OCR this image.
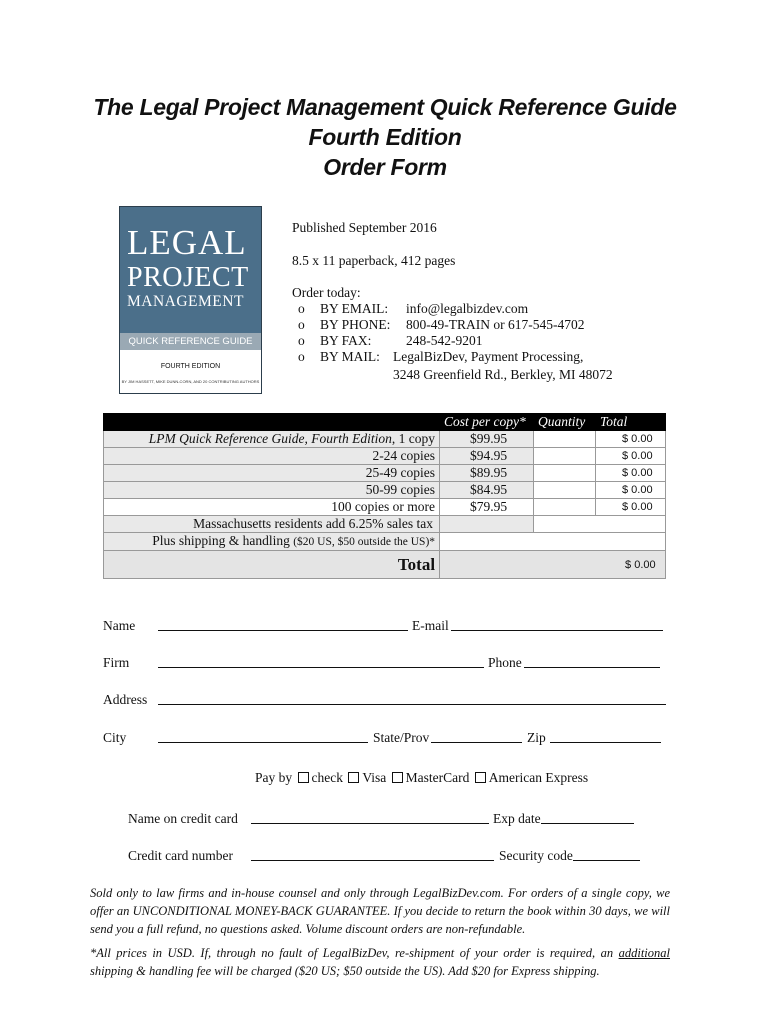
The Legal Project Management Quick Reference Guide
Fourth Edition
Order Form
LEGAL
PROJECT
MANAGEMENT
QUICK REFERENCE GUIDE
FOURTH EDITION
BY JIM HASSETT, MIKE DUNN-CORN, AND 20 CONTRIBUTING AUTHORS
Published September 2016
8.5 x 11 paperback, 412 pages
Order today:
o BY EMAIL: info@legalbizdev.com
o BY PHONE: 800-49-TRAIN or 617-545-4702
o BY FAX:	248-542-9201
o BY MAIL: LegalBizDev, Payment Processing,
3248 Greenfield Rd., Berkley, MI 48072
	Cost per copy*	Quantity	Total
LPM Quick Reference Guide, Fourth Edition, 1 copy	$99.95		$ 0.00
2-24 copies	$94.95		$ 0.00
25-49 copies	$89.95		$ 0.00
50-99 copies	$84.95		$ 0.00
100 copies or more	$79.95		$ 0.00
Massachusetts residents add 6.25% sales tax			
Plus shipping & handling ($20 US, $50 outside the US)*			
Total	$ 0.00		
Name	E-mail
Firm	Phone
Address
City	State/Prov	Zip
Pay by check Visa MasterCard American Express
Name on credit card	Exp date
Credit card number	Security code
Sold only to law firms and in-house counsel and only through LegalBizDev.com. For orders of a single copy, we offer an UNCONDITIONAL MONEY-BACK GUARANTEE. If you decide to return the book within 30 days, we will send you a full refund, no questions asked. Volume discount orders are non-refundable.
*All prices in USD. If, through no fault of LegalBizDev, re-shipment of your order is required, an additional shipping & handling fee will be charged ($20 US; $50 outside the US). Add $20 for Express shipping.
